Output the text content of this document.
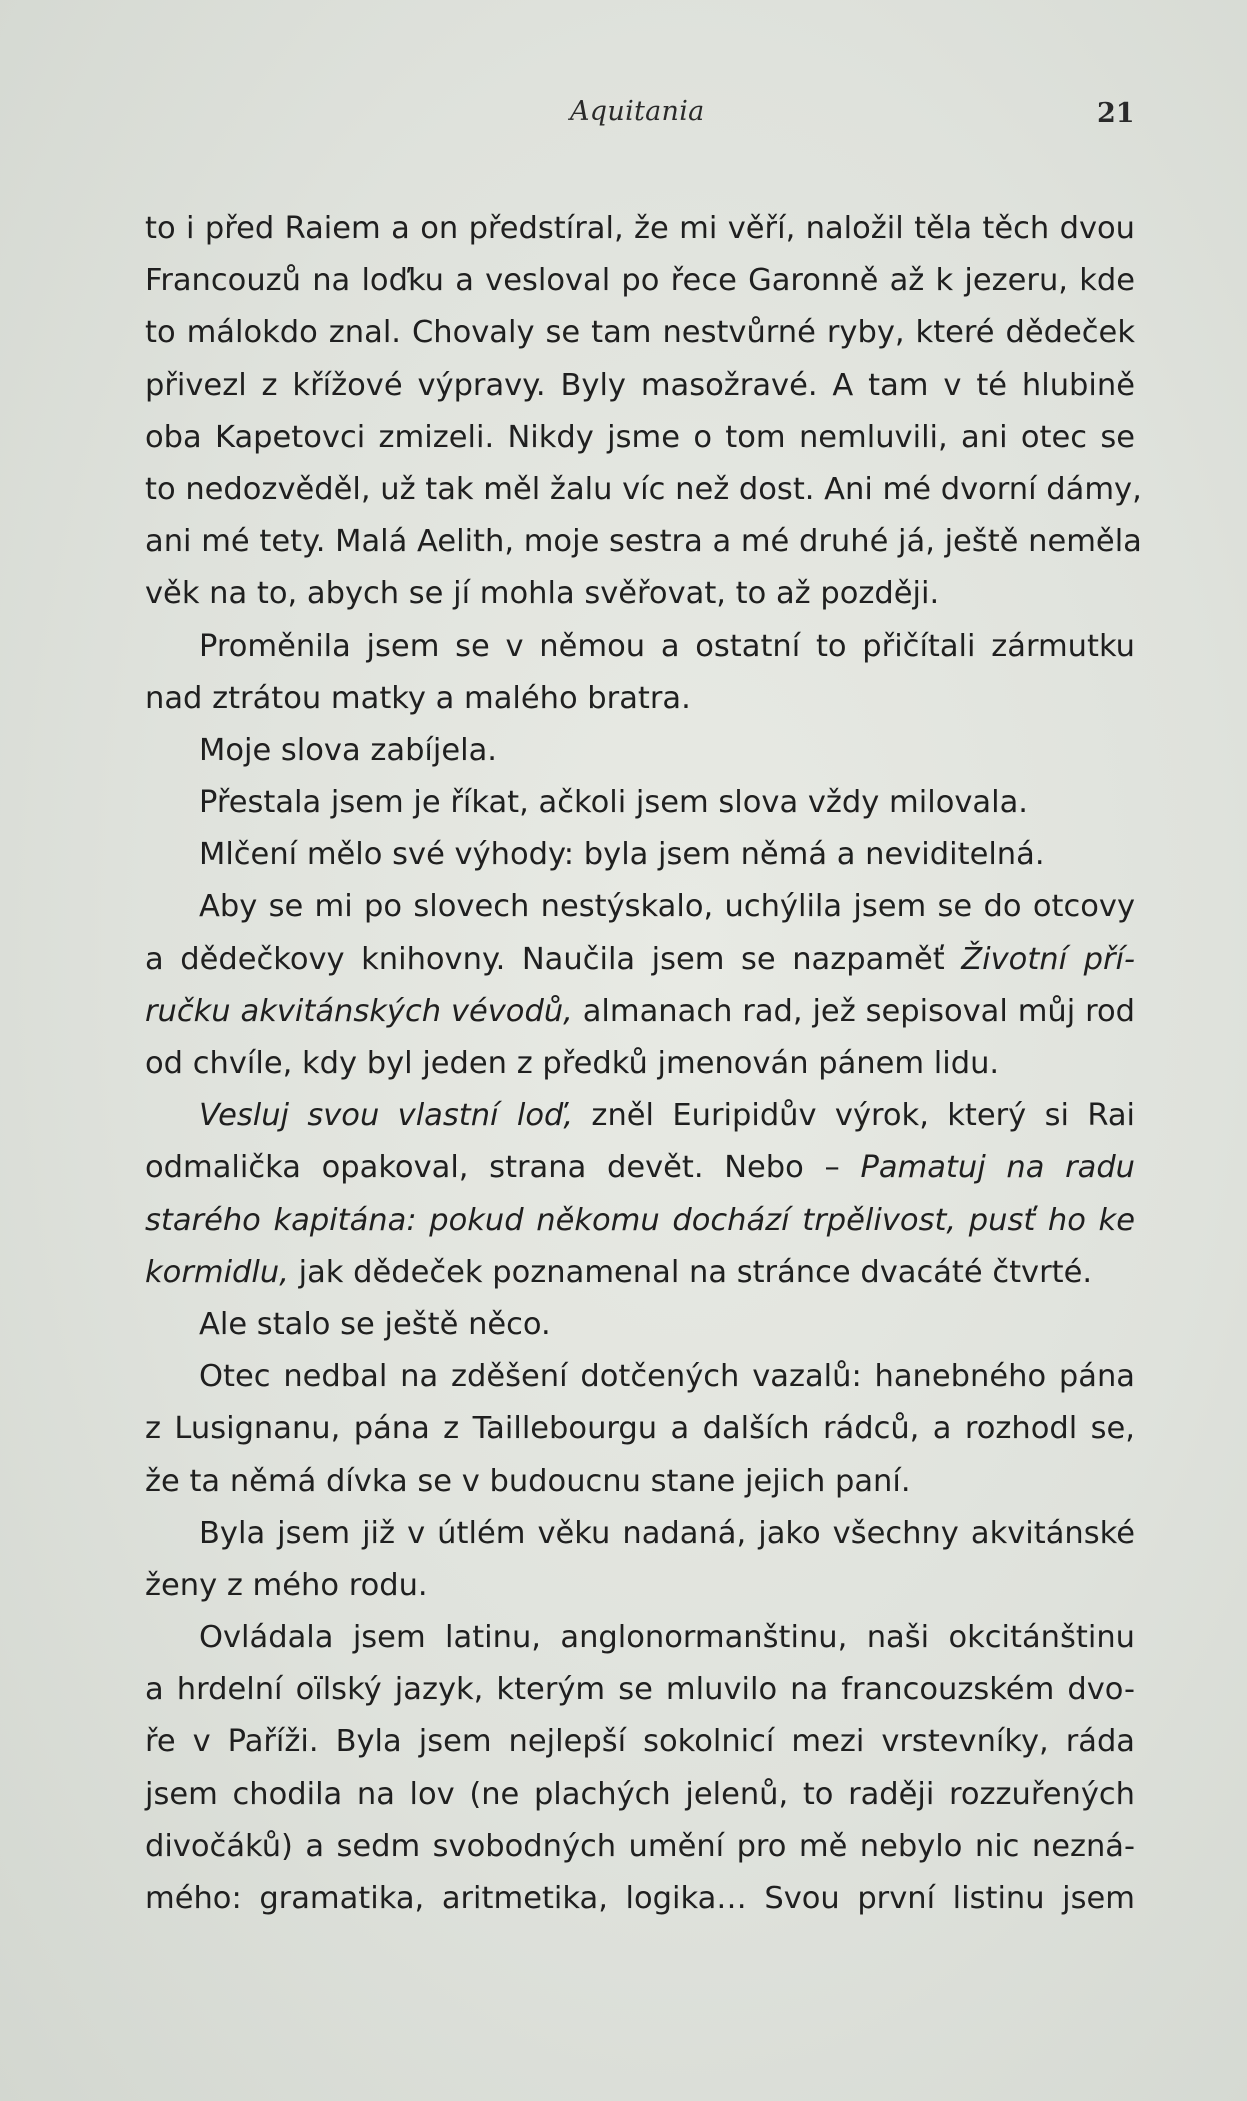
Aquitania	21
to i před Raiem a on předstíral, že mi věří, naložil těla těch dvou
Francouzů na loďku a vesloval po řece Garonně až k jezeru, kde
to málokdo znal. Chovaly se tam nestvůrné ryby, které dědeček
přivezl z křížové výpravy. Byly masožravé. A tam v té hlubině
oba Kapetovci zmizeli. Nikdy jsme o tom nemluvili, ani otec se
to nedozvěděl, už tak měl žalu víc než dost. Ani mé dvorní dámy,
ani mé tety. Malá Aelith, moje sestra a mé druhé já, ještě neměla
věk na to, abych se jí mohla svěřovat, to až později.
Proměnila jsem se v němou a ostatní to přičítali zármutku
nad ztrátou matky a malého bratra.
Moje slova zabíjela.
Přestala jsem je říkat, ačkoli jsem slova vždy milovala.
Mlčení mělo své výhody: byla jsem němá a neviditelná.
Aby se mi po slovech nestýskalo, uchýlila jsem se do otcovy
a dědečkovy knihovny. Naučila jsem se nazpaměť Životní pří-
ručku akvitánských vévodů, almanach rad, jež sepisoval můj rod
od chvíle, kdy byl jeden z předků jmenován pánem lidu.
Vesluj svou vlastní loď, zněl Euripidův výrok, který si Rai
odmalička opakoval, strana devět. Nebo – Pamatuj na radu
starého kapitána: pokud někomu dochází trpělivost, pusť ho ke
kormidlu, jak dědeček poznamenal na stránce dvacáté čtvrté.
Ale stalo se ještě něco.
Otec nedbal na zděšení dotčených vazalů: hanebného pána
z Lusignanu, pána z Taillebourgu a dalších rádců, a rozhodl se,
že ta němá dívka se v budoucnu stane jejich paní.
Byla jsem již v útlém věku nadaná, jako všechny akvitánské
ženy z mého rodu.
Ovládala jsem latinu, anglonormanštinu, naši okcitánštinu
a hrdelní oïlský jazyk, kterým se mluvilo na francouzském dvo-
ře v Paříži. Byla jsem nejlepší sokolnicí mezi vrstevníky, ráda
jsem chodila na lov (ne plachých jelenů, to raději rozzuřených
divočáků) a sedm svobodných umění pro mě nebylo nic nezná-
mého: gramatika, aritmetika, logika… Svou první listinu jsem
